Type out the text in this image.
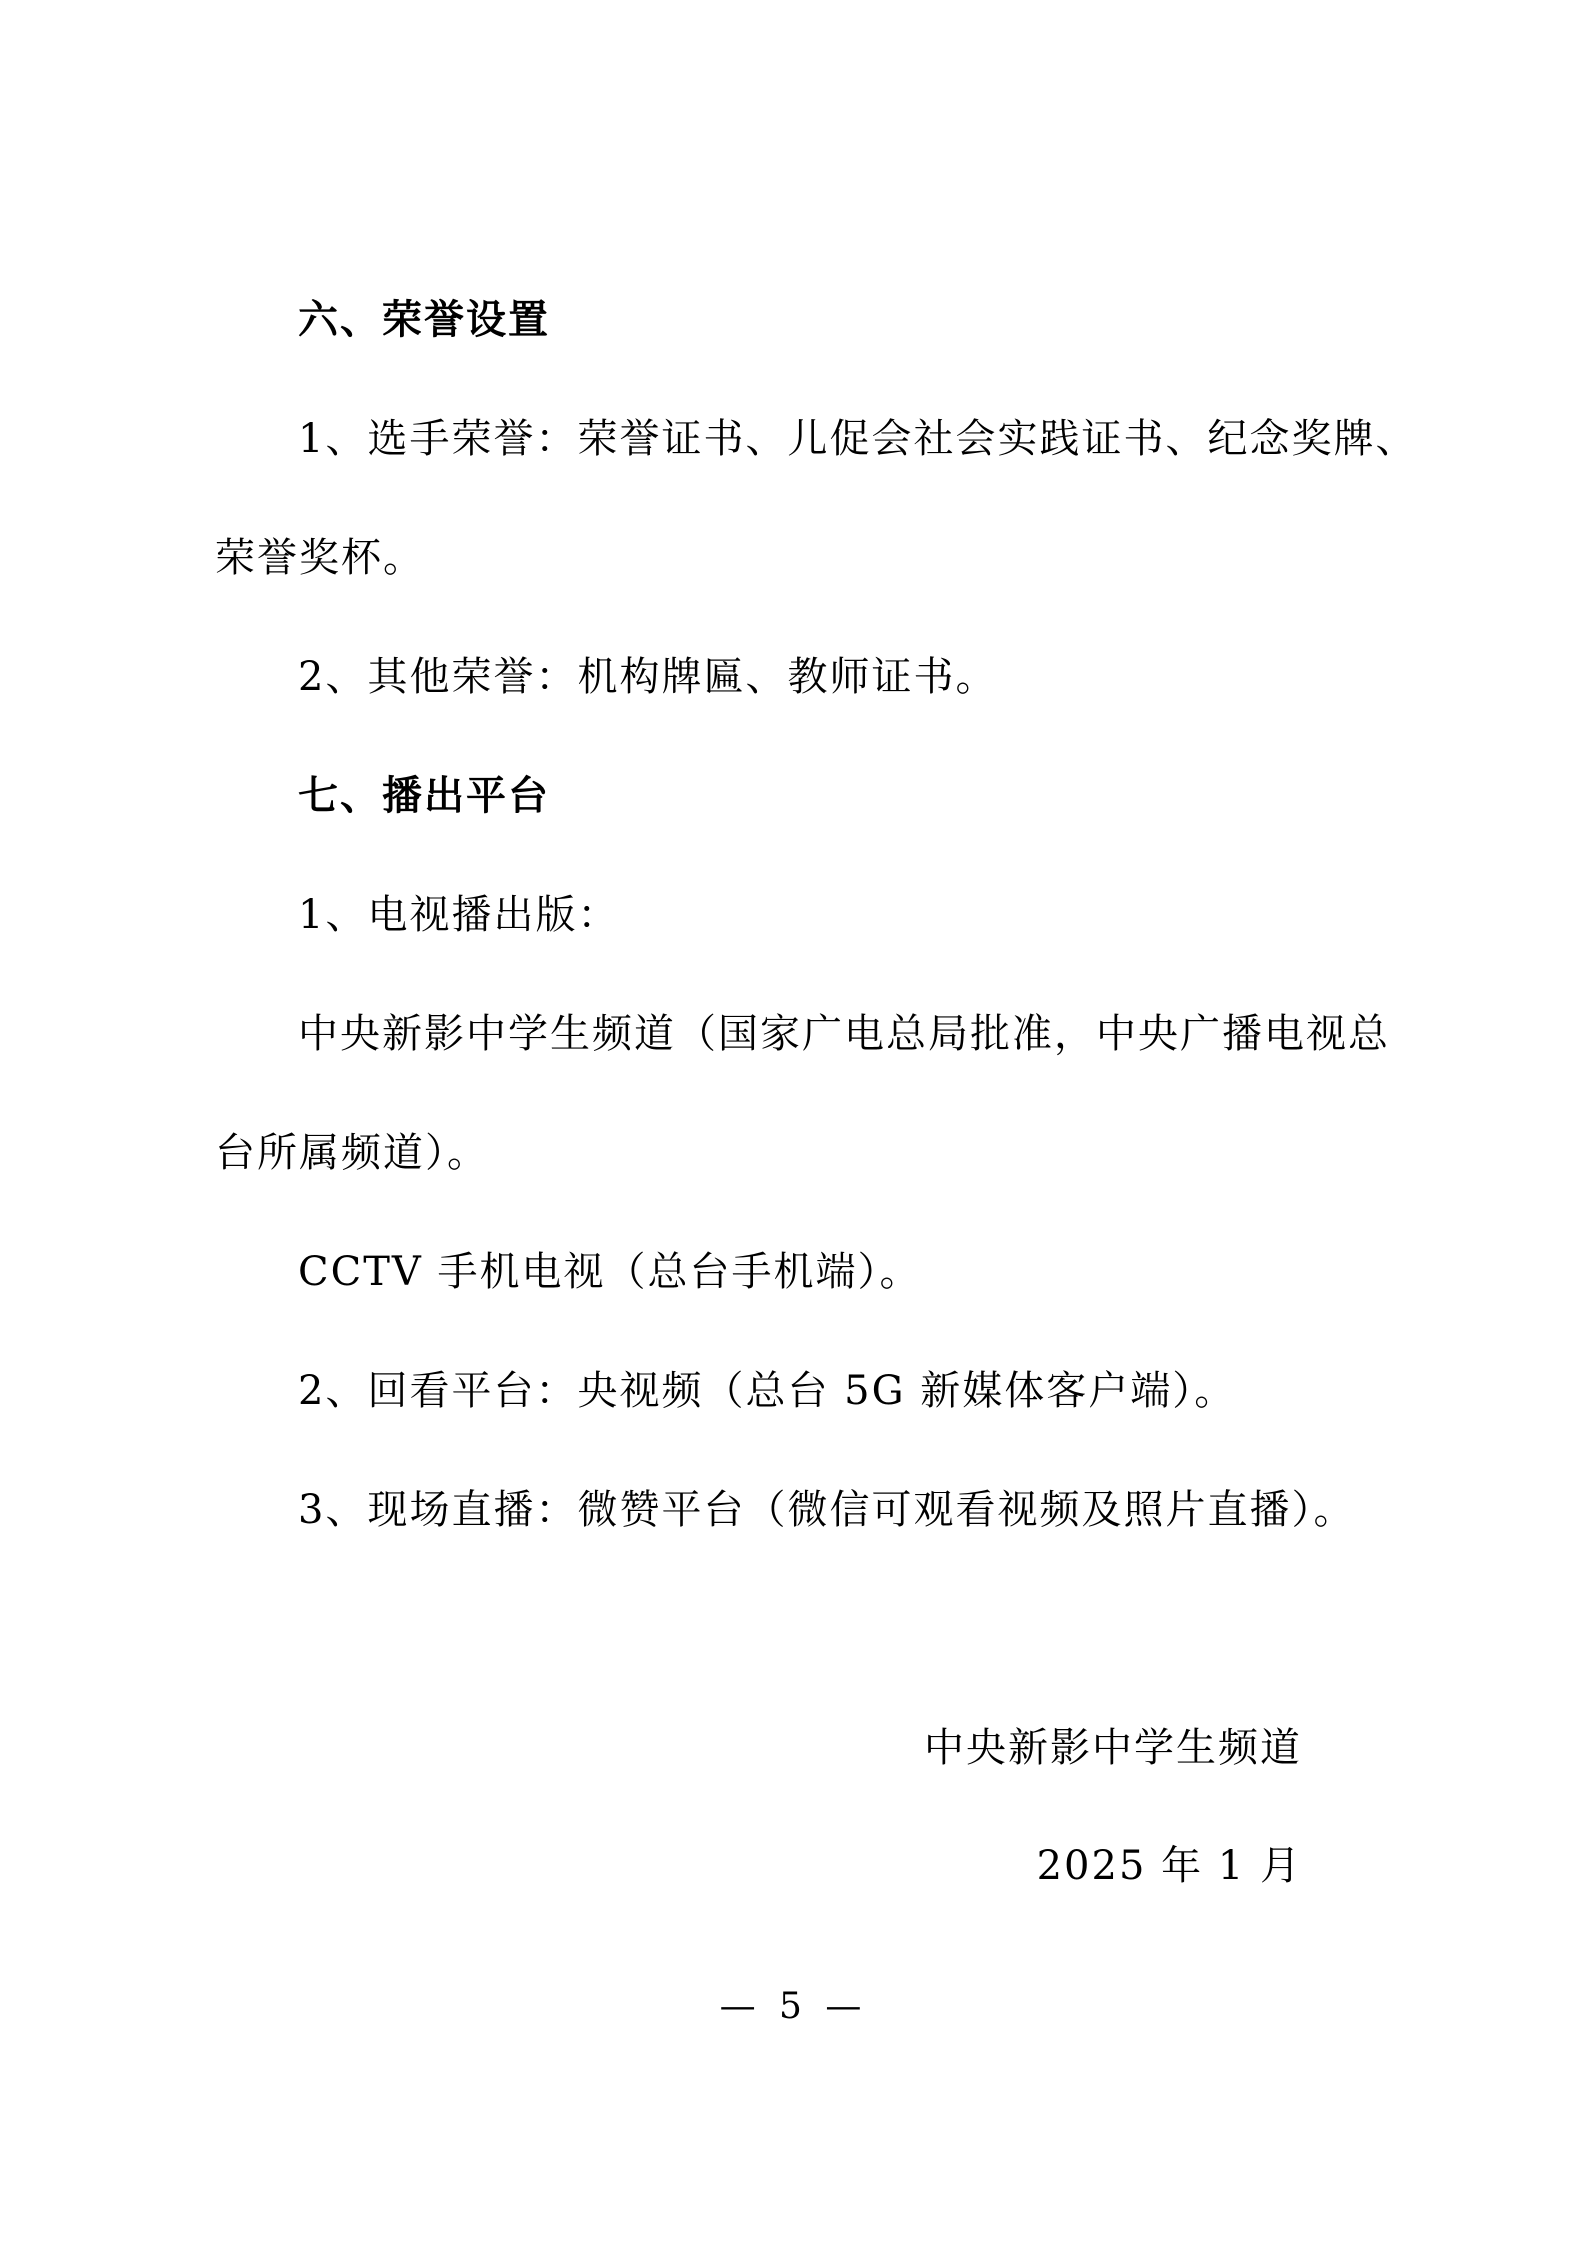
六、荣誉设置
1、选手荣誉：荣誉证书、儿促会社会实践证书、纪念奖牌、
荣誉奖杯。
2、其他荣誉：机构牌匾、教师证书。
七、播出平台
1、电视播出版：
中央新影中学生频道（国家广电总局批准，中央广播电视总
台所属频道）。
CCTV 手机电视（总台手机端）。
2、回看平台：央视频（总台 5G 新媒体客户端）。
3、现场直播：微赞平台（微信可观看视频及照片直播）。
中央新影中学生频道
2025 年 1 月
— 5 —
